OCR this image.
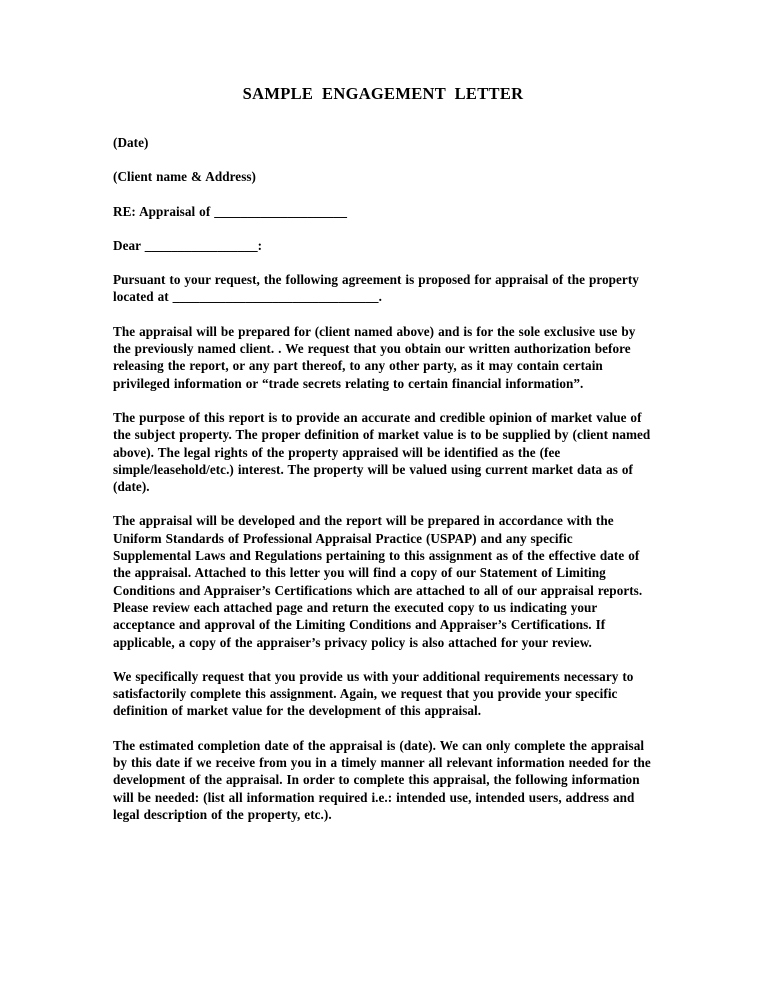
SAMPLE  ENGAGEMENT  LETTER

(Date)

(Client name & Address)

RE: Appraisal of ____________________

Dear _________________:

Pursuant to your request, the following agreement is proposed for appraisal of the property located at _______________________________.

The appraisal will be prepared for (client named above) and is for the sole exclusive use by the previously named client. . We request that you obtain our written authorization before releasing the report, or any part thereof, to any other party, as it may contain certain privileged information or “trade secrets relating to certain financial information”.

The purpose of this report is to provide an accurate and credible opinion of market value of the subject property. The proper definition of market value is to be supplied by (client named above). The legal rights of the property appraised will be identified as the (fee simple/leasehold/etc.) interest. The property will be valued using current market data as of (date).

The appraisal will be developed and the report will be prepared in accordance with the Uniform Standards of Professional Appraisal Practice (USPAP) and any specific Supplemental Laws and Regulations pertaining to this assignment as of the effective date of the appraisal. Attached to this letter you will find a copy of our Statement of Limiting Conditions and Appraiser’s Certifications which are attached to all of our appraisal reports. Please review each attached page and return the executed copy to us indicating your acceptance and approval of the Limiting Conditions and Appraiser’s Certifications. If applicable, a copy of the appraiser’s privacy policy is also attached for your review.

We specifically request that you provide us with your additional requirements necessary to satisfactorily complete this assignment. Again, we request that you provide your specific definition of market value for the development of this appraisal.

The estimated completion date of the appraisal is (date). We can only complete the appraisal by this date if we receive from you in a timely manner all relevant information needed for the development of the appraisal. In order to complete this appraisal, the following information will be needed: (list all information required i.e.: intended use, intended users, address and legal description of the property, etc.).
